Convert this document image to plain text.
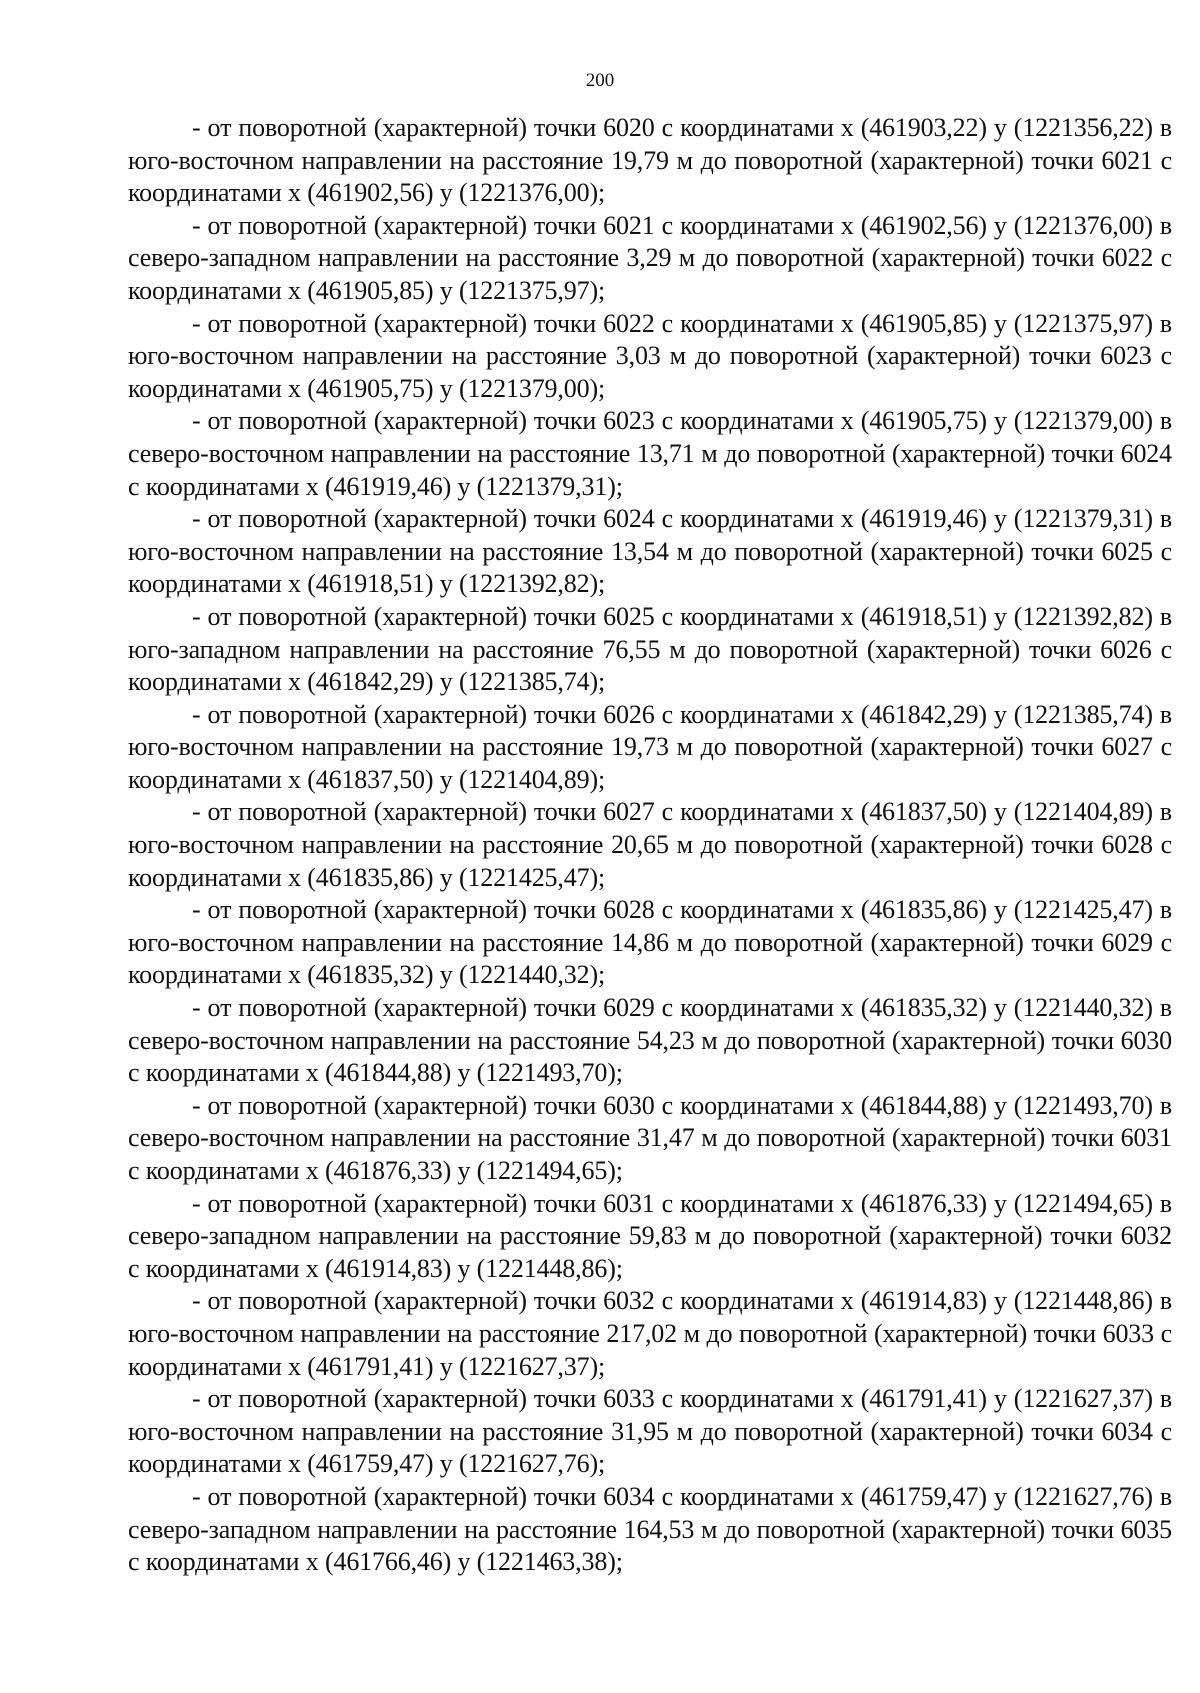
200

- от поворотной (характерной) точки 6020 с координатами х (461903,22) у (1221356,22) в юго-восточном направлении на расстояние 19,79 м до поворотной (характерной) точки 6021 с координатами х (461902,56) у (1221376,00);

- от поворотной (характерной) точки 6021 с координатами х (461902,56) у (1221376,00) в северо-западном направлении на расстояние 3,29 м до поворотной (характерной) точки 6022 с координатами х (461905,85) у (1221375,97);

- от поворотной (характерной) точки 6022 с координатами х (461905,85) у (1221375,97) в юго-восточном направлении на расстояние 3,03 м до поворотной (характерной) точки 6023 с координатами х (461905,75) у (1221379,00);

- от поворотной (характерной) точки 6023 с координатами х (461905,75) у (1221379,00) в северо-восточном направлении на расстояние 13,71 м до поворотной (характерной) точки 6024 с координатами х (461919,46) у (1221379,31);

- от поворотной (характерной) точки 6024 с координатами х (461919,46) у (1221379,31) в юго-восточном направлении на расстояние 13,54 м до поворотной (характерной) точки 6025 с координатами х (461918,51) у (1221392,82);

- от поворотной (характерной) точки 6025 с координатами х (461918,51) у (1221392,82) в юго-западном направлении на расстояние 76,55 м до поворотной (характерной) точки 6026 с координатами х (461842,29) у (1221385,74);

- от поворотной (характерной) точки 6026 с координатами х (461842,29) у (1221385,74) в юго-восточном направлении на расстояние 19,73 м до поворотной (характерной) точки 6027 с координатами х (461837,50) у (1221404,89);

- от поворотной (характерной) точки 6027 с координатами х (461837,50) у (1221404,89) в юго-восточном направлении на расстояние 20,65 м до поворотной (характерной) точки 6028 с координатами х (461835,86) у (1221425,47);

- от поворотной (характерной) точки 6028 с координатами х (461835,86) у (1221425,47) в юго-восточном направлении на расстояние 14,86 м до поворотной (характерной) точки 6029 с координатами х (461835,32) у (1221440,32);

- от поворотной (характерной) точки 6029 с координатами х (461835,32) у (1221440,32) в северо-восточном направлении на расстояние 54,23 м до поворотной (характерной) точки 6030 с координатами х (461844,88) у (1221493,70);

- от поворотной (характерной) точки 6030 с координатами х (461844,88) у (1221493,70) в северо-восточном направлении на расстояние 31,47 м до поворотной (характерной) точки 6031 с координатами х (461876,33) у (1221494,65);

- от поворотной (характерной) точки 6031 с координатами х (461876,33) у (1221494,65) в северо-западном направлении на расстояние 59,83 м до поворотной (характерной) точки 6032 с координатами х (461914,83) у (1221448,86);

- от поворотной (характерной) точки 6032 с координатами х (461914,83) у (1221448,86) в юго-восточном направлении на расстояние 217,02 м до поворотной (характерной) точки 6033 с координатами х (461791,41) у (1221627,37);

- от поворотной (характерной) точки 6033 с координатами х (461791,41) у (1221627,37) в юго-восточном направлении на расстояние 31,95 м до поворотной (характерной) точки 6034 с координатами х (461759,47) у (1221627,76);

- от поворотной (характерной) точки 6034 с координатами х (461759,47) у (1221627,76) в северо-западном направлении на расстояние 164,53 м до поворотной (характерной) точки 6035 с координатами х (461766,46) у (1221463,38);
